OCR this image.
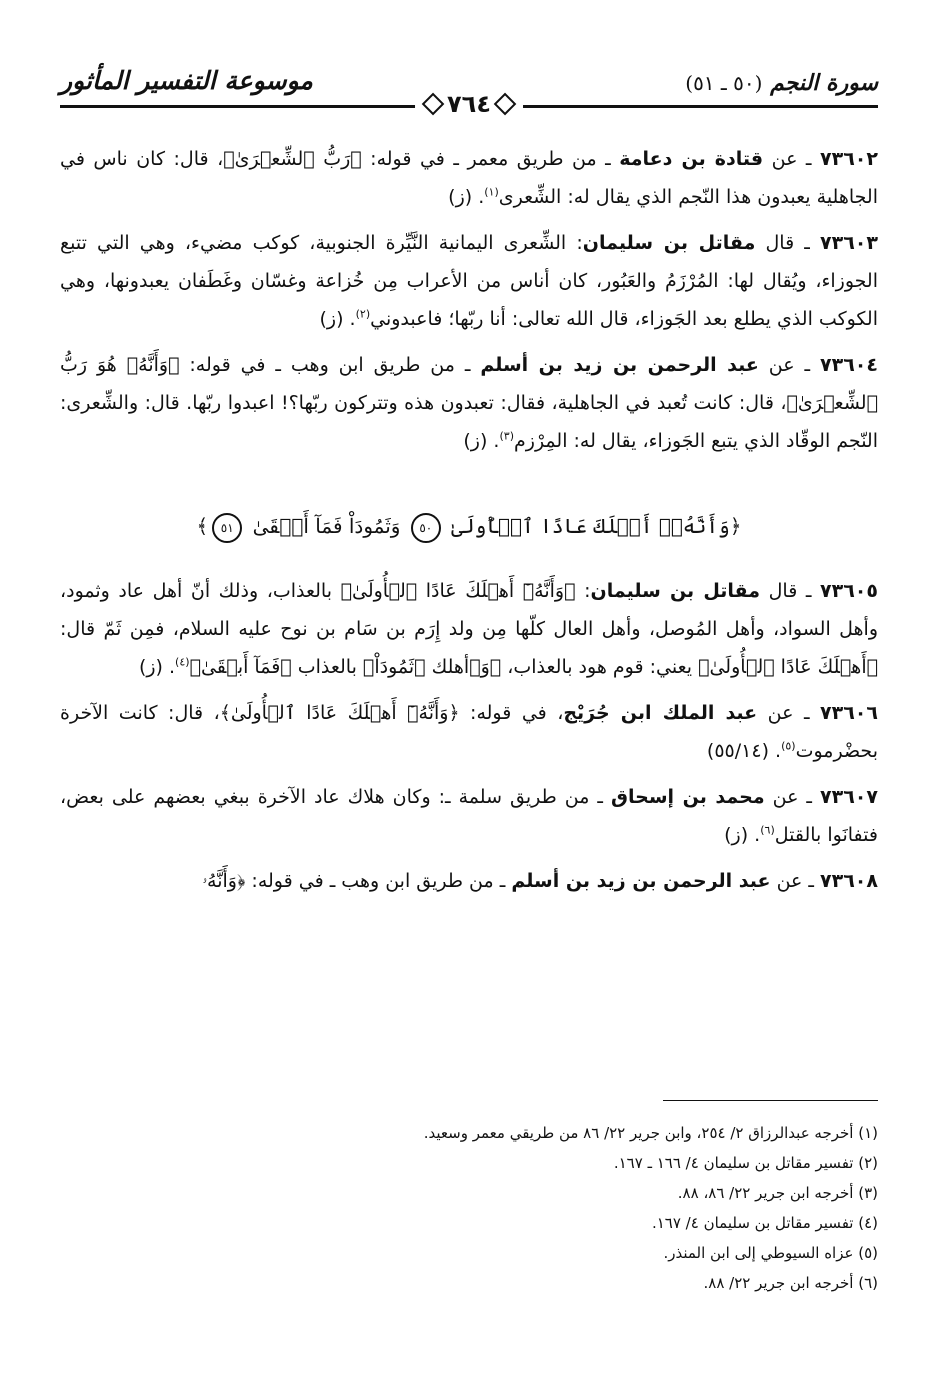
سورة النجم (٥٠ ـ ٥١)
٧٦٤
موسوعة التفسير المأثور

٧٣٦٠٢ ـ عن قتادة بن دعامة ـ من طريق معمر ـ في قوله: ﴿رَبُّ ٱلشِّعۡرَىٰ﴾، قال: كان ناس في الجاهلية يعبدون هذا النّجم الذي يقال له: الشِّعرى$^{(١)}$. (ز)

٧٣٦٠٣ ـ قال مقاتل بن سليمان: الشِّعرى اليمانية النَّيِّرة الجنوبية، كوكب مضيء، وهي التي تتبع الجوزاء، ويُقال لها: المُرْزَمُ والعَبُور، كان أناس من الأعراب مِن خُزاعة وغسّان وغَطَفان يعبدونها، وهي الكوكب الذي يطلع بعد الجَوزاء، قال الله تعالى: أنا ربّها؛ فاعبدوني$^{(٢)}$. (ز)

٧٣٦٠٤ ـ عن عبد الرحمن بن زيد بن أسلم ـ من طريق ابن وهب ـ في قوله: ﴿وَأَنَّهُۥ هُوَ رَبُّ ٱلشِّعۡرَىٰ﴾، قال: كانت تُعبد في الجاهلية، فقال: تعبدون هذه وتتركون ربّها؟! اعبدوا ربّها. قال: والشِّعرى: النّجم الوقّاد الذي يتبع الجَوزاء، يقال له: المِرْزم$^{(٣)}$. (ز)

﴿وَأَنَّهُۥٓ أَهۡلَكَ عَادًا ٱلۡأُولَىٰ ٥٠ وَثَمُودَاْ فَمَآ أَبۡقَىٰ ٥١﴾

٧٣٦٠٥ ـ قال مقاتل بن سليمان: ﴿وَأَنَّهُۥٓ أَهۡلَكَ عَادًا ٱلۡأُولَىٰ﴾ بالعذاب، وذلك أنّ أهل عاد وثمود، وأهل السواد، وأهل المُوصل، وأهل العال كلّها مِن ولد إِرَم بن سَام بن نوح عليه السلام، فمِن ثَمّ قال: ﴿أَهۡلَكَ عَادًا ٱلۡأُولَىٰ﴾ يعني: قوم هود بالعذاب، ﴿وَ﴾أهلك ﴿ثَمُودَاْ﴾ بالعذاب ﴿فَمَآ أَبۡقَىٰ﴾$^{(٤)}$. (ز)

٧٣٦٠٦ ـ عن عبد الملك ابن جُرَيْج، في قوله: ﴿وَأَنَّهُۥٓ أَهۡلَكَ عَادًا ٱلۡأُولَىٰ﴾، قال: كانت الآخرة بحضْرموت$^{(٥)}$. (٥٥/١٤)

٧٣٦٠٧ ـ عن محمد بن إسحاق ـ من طريق سلمة ـ: وكان هلاك عاد الآخرة ببغي بعضهم على بعض، فتفانَوا بالقتل$^{(٦)}$. (ز)

٧٣٦٠٨ ـ عن عبد الرحمن بن زيد بن أسلم ـ من طريق ابن وهب ـ في قوله: ﴿وَأَنَّهُۥ

(١) أخرجه عبدالرزاق ٢/ ٢٥٤، وابن جرير ٢٢/ ٨٦ من طريقي معمر وسعيد.
(٢) تفسير مقاتل بن سليمان ٤/ ١٦٦ ـ ١٦٧.
(٣) أخرجه ابن جرير ٢٢/ ٨٦، ٨٨.
(٤) تفسير مقاتل بن سليمان ٤/ ١٦٧.
(٥) عزاه السيوطي إلى ابن المنذر.
(٦) أخرجه ابن جرير ٢٢/ ٨٨.
